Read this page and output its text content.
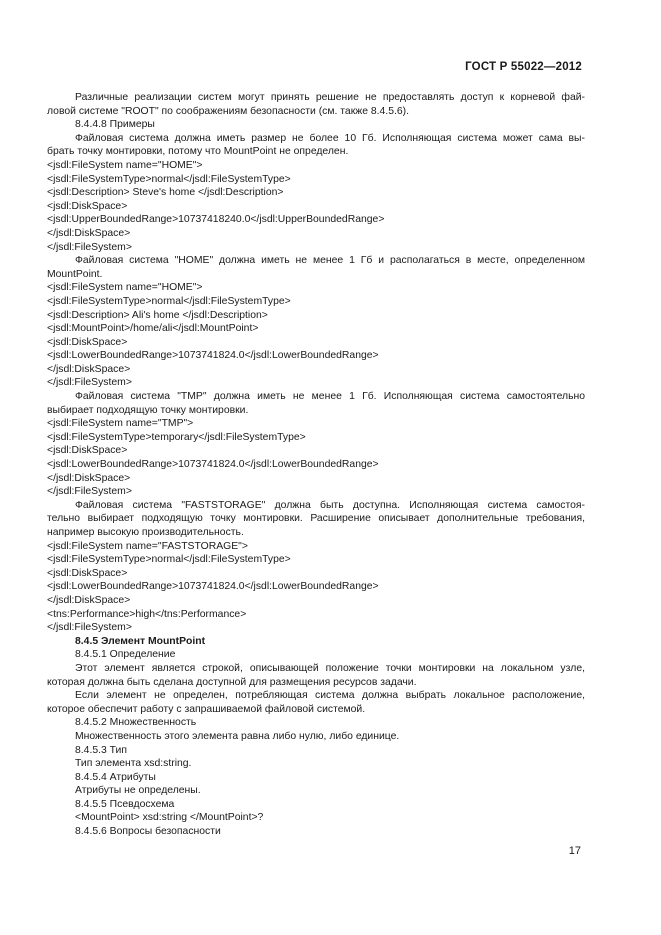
ГОСТ Р 55022—2012
Различные реализации систем могут принять решение не предоставлять доступ к корневой фай-
ловой системе "ROOT" по соображениям безопасности (см. также 8.4.5.6).
8.4.4.8 Примеры
Файловая система должна иметь размер не более 10 Гб. Исполняющая система может сама вы-
брать точку монтировки, потому что MountPoint не определен.
<jsdl:FileSystem name="HOME">
<jsdl:FileSystemType>normal</jsdl:FileSystemType>
<jsdl:Description> Steve's home </jsdl:Description>
<jsdl:DiskSpace>
<jsdl:UpperBoundedRange>10737418240.0</jsdl:UpperBoundedRange>
</jsdl:DiskSpace>
</jsdl:FileSystem>
Файловая система "HOME" должна иметь не менее 1 Гб и располагаться в месте, определенном
MountPoint.
<jsdl:FileSystem name="HOME">
<jsdl:FileSystemType>normal</jsdl:FileSystemType>
<jsdl:Description> Ali's home </jsdl:Description>
<jsdl:MountPoint>/home/ali</jsdl:MountPoint>
<jsdl:DiskSpace>
<jsdl:LowerBoundedRange>1073741824.0</jsdl:LowerBoundedRange>
</jsdl:DiskSpace>
</jsdl:FileSystem>
Файловая система "TMP" должна иметь не менее 1 Гб. Исполняющая система самостоятельно
выбирает подходящую точку монтировки.
<jsdl:FileSystem name="TMP">
<jsdl:FileSystemType>temporary</jsdl:FileSystemType>
<jsdl:DiskSpace>
<jsdl:LowerBoundedRange>1073741824.0</jsdl:LowerBoundedRange>
</jsdl:DiskSpace>
</jsdl:FileSystem>
Файловая система "FASTSTORAGE" должна быть доступна. Исполняющая система самостоя-
тельно выбирает подходящую точку монтировки. Расширение описывает дополнительные требования,
например высокую производительность.
<jsdl:FileSystem name="FASTSTORAGE">
<jsdl:FileSystemType>normal</jsdl:FileSystemType>
<jsdl:DiskSpace>
<jsdl:LowerBoundedRange>1073741824.0</jsdl:LowerBoundedRange>
</jsdl:DiskSpace>
<tns:Performance>high</tns:Performance>
</jsdl:FileSystem>
8.4.5 Элемент MountPoint
8.4.5.1 Определение
Этот элемент является строкой, описывающей положение точки монтировки на локальном узле,
которая должна быть сделана доступной для размещения ресурсов задачи.
Если элемент не определен, потребляющая система должна выбрать локальное расположение,
которое обеспечит работу с запрашиваемой файловой системой.
8.4.5.2 Множественность
Множественность этого элемента равна либо нулю, либо единице.
8.4.5.3 Тип
Тип элемента xsd:string.
8.4.5.4 Атрибуты
Атрибуты не определены.
8.4.5.5 Псевдосхема
<MountPoint> xsd:string </MountPoint>?
8.4.5.6 Вопросы безопасности
17
